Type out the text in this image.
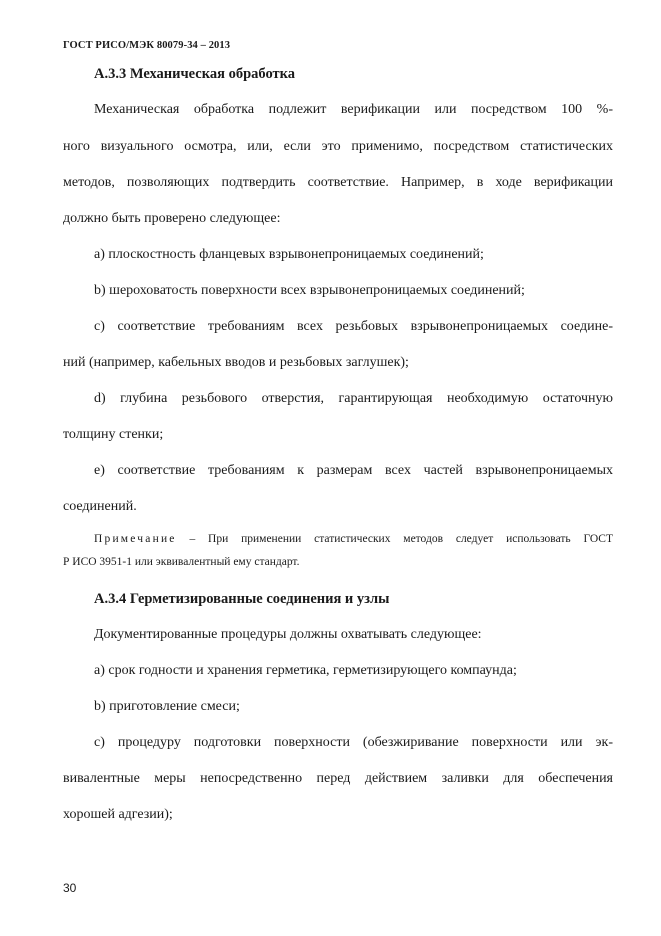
ГОСТ РИСО/МЭК 80079-34 – 2013
А.3.3 Механическая обработка
Механическая обработка подлежит верификации или посредством 100 %-
ного визуального осмотра, или, если это применимо, посредством статистических
методов, позволяющих подтвердить соответствие. Например, в ходе верификации
должно быть проверено следующее:
a) плоскостность фланцевых взрывонепроницаемых соединений;
b) шероховатость поверхности всех взрывонепроницаемых соединений;
c) соответствие требованиям всех резьбовых взрывонепроницаемых соедине-
ний (например, кабельных вводов и резьбовых заглушек);
d) глубина резьбового отверстия, гарантирующая необходимую остаточную
толщину стенки;
e) соответствие требованиям к размерам всех частей взрывонепроницаемых
соединений.
Примечание – При применении статистических методов следует использовать ГОСТ
Р ИСО 3951-1 или эквивалентный ему стандарт.
А.3.4 Герметизированные соединения и узлы
Документированные процедуры должны охватывать следующее:
a) срок годности и хранения герметика, герметизирующего компаунда;
b) приготовление смеси;
c) процедуру подготовки поверхности (обезжиривание поверхности или эк-
вивалентные меры непосредственно перед действием заливки для обеспечения
хорошей адгезии);
30
